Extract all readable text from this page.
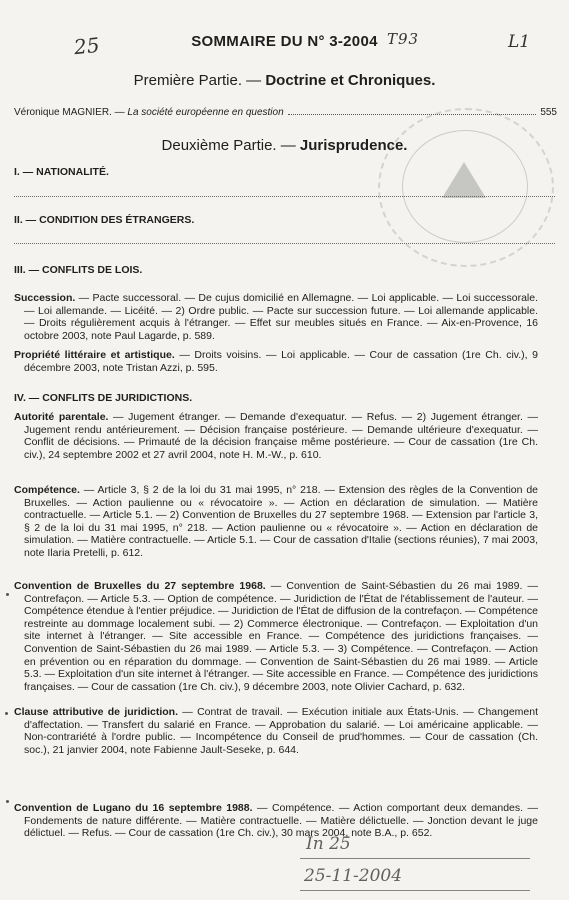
25	T93	L1
SOMMAIRE DU N° 3-2004
Première Partie. — Doctrine et Chroniques.
Véronique MAGNIER. —
La société européenne en question	555
Deuxième Partie. — Jurisprudence.
I. — NATIONALITÉ.
II. — CONDITION DES ÉTRANGERS.
III. — CONFLITS DE LOIS.

Succession. — Pacte successoral. — De cujus domicilié en Allemagne. — Loi applicable. — Loi successorale. — Loi allemande. — Licéité. — 2) Ordre public. — Pacte sur succession future. — Loi allemande applicable. — Droits régulièrement acquis à l'étranger. — Effet sur meubles situés en France. — Aix-en-Provence, 16 octobre 2003, note Paul Lagarde, p. 589.

Propriété littéraire et artistique. — Droits voisins. — Loi applicable. — Cour de cassation (1re Ch. civ.), 9 décembre 2003, note Tristan Azzi, p. 595.

IV. — CONFLITS DE JURIDICTIONS.

Autorité parentale. — Jugement étranger. — Demande d'exequatur. — Refus. — 2) Jugement étranger. — Jugement rendu antérieurement. — Décision française postérieure. — Demande ultérieure d'exequatur. — Conflit de décisions. — Primauté de la décision française même postérieure. — Cour de cassation (1re Ch. civ.), 24 septembre 2002 et 27 avril 2004, note H. M.-W., p. 610.

Compétence. — Article 3, § 2 de la loi du 31 mai 1995, n° 218. — Extension des règles de la Convention de Bruxelles. — Action paulienne ou « révocatoire ». — Action en déclaration de simulation. — Matière contractuelle. — Article 5.1. — 2) Convention de Bruxelles du 27 septembre 1968. — Extension par l'article 3, § 2 de la loi du 31 mai 1995, n° 218. — Action paulienne ou « révocatoire ». — Action en déclaration de simulation. — Matière contractuelle. — Article 5.1. — Cour de cassation d'Italie (sections réunies), 7 mai 2003, note Ilaria Pretelli, p. 612.

Convention de Bruxelles du 27 septembre 1968. — Convention de Saint-Sébastien du 26 mai 1989. — Contrefaçon. — Article 5.3. — Option de compétence. — Juridiction de l'État de l'établissement de l'auteur. — Compétence étendue à l'entier préjudice. — Juridiction de l'État de diffusion de la contrefaçon. — Compétence restreinte au dommage localement subi. — 2) Commerce électronique. — Contrefaçon. — Exploitation d'un site internet à l'étranger. — Site accessible en France. — Compétence des juridictions françaises. — Convention de Saint-Sébastien du 26 mai 1989. — Article 5.3. — 3) Compétence. — Contrefaçon. — Action en prévention ou en réparation du dommage. — Convention de Saint-Sébastien du 26 mai 1989. — Article 5.3. — Exploitation d'un site internet à l'étranger. — Site accessible en France. — Compétence des juridictions françaises. — Cour de cassation (1re Ch. civ.), 9 décembre 2003, note Olivier Cachard, p. 632.

Clause attributive de juridiction. — Contrat de travail. — Exécution initiale aux États-Unis. — Changement d'affectation. — Transfert du salarié en France. — Approbation du salarié. — Loi américaine applicable. — Non-contrariété à l'ordre public. — Incompétence du Conseil de prud'hommes. — Cour de cassation (Ch. soc.), 21 janvier 2004, note Fabienne Jault-Seseke, p. 644.

Convention de Lugano du 16 septembre 1988. — Compétence. — Action comportant deux demandes. — Fondements de nature différente. — Matière contractuelle. — Matière délictuelle. — Jonction devant le juge délictuel. — Refus. — Cour de cassation (1re Ch. civ.), 30 mars 2004, note B.A., p. 652.

In 25
25-11-2004
